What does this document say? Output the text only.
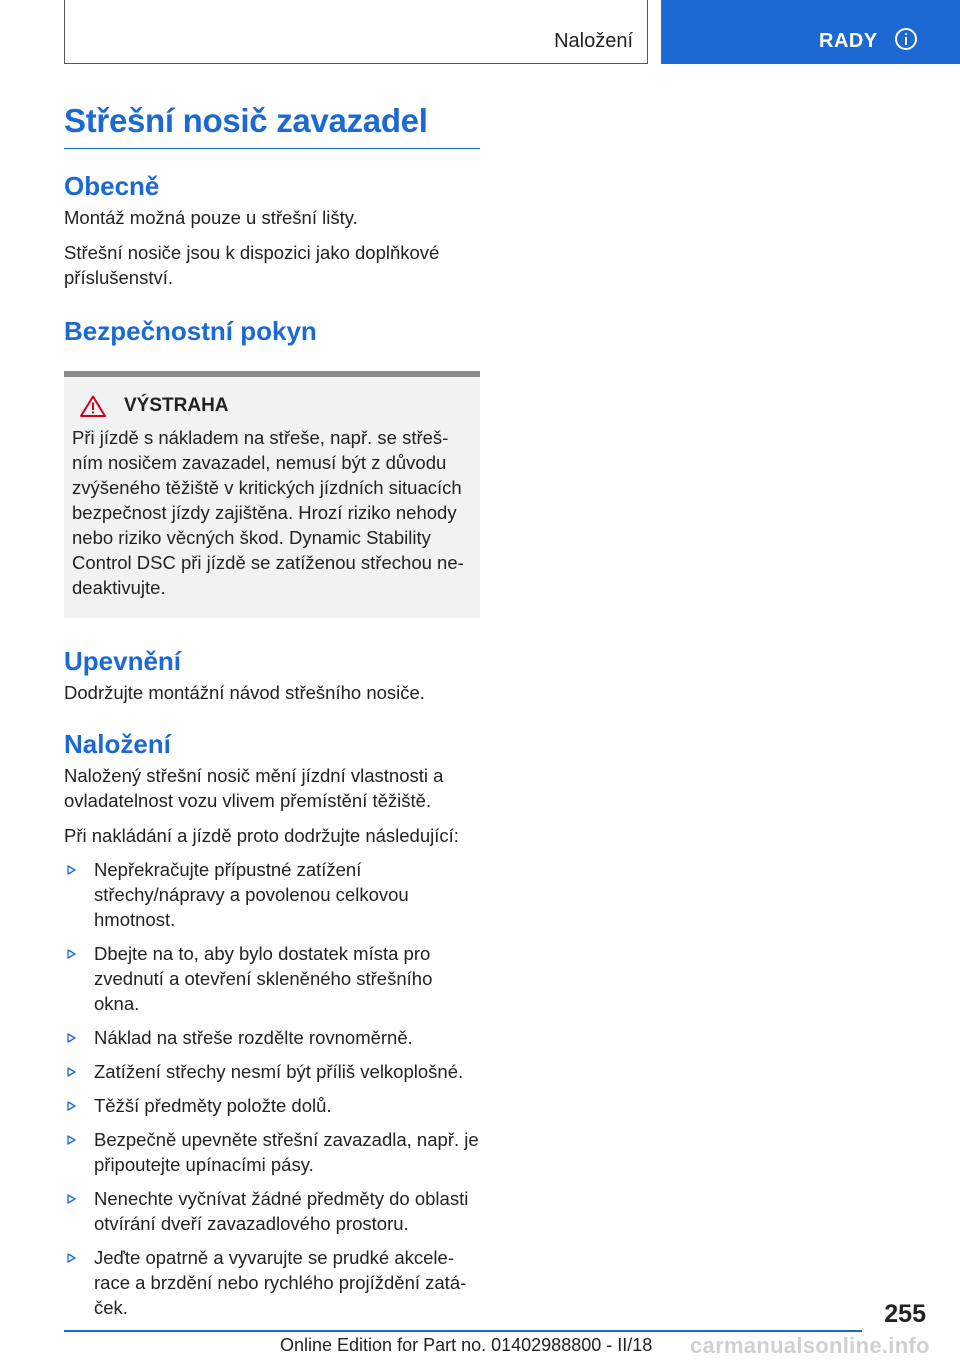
Naložení	RADY
Střešní nosič zavazadel
Obecně

Montáž možná pouze u střešní lišty.

Střešní nosiče jsou k dispozici jako doplňkové příslušenství.

Bezpečnostní pokyn
VÝSTRAHA
Při jízdě s nákladem na střeše, např. se střešním nosičem zavazadel, nemusí být z důvodu zvýšeného těžiště v kritických jízdních situacích bezpečnost jízdy zajištěna. Hrozí riziko nehody nebo riziko věcných škod. Dynamic Stability Control DSC při jízdě se zatíženou střechou nedeaktivujte.
Upevnění

Dodržujte montážní návod střešního nosiče.

Naložení

Naložený střešní nosič mění jízdní vlastnosti a ovladatelnost vozu vlivem přemístění těžiště.

Při nakládání a jízdě proto dodržujte následující:

Nepřekračujte přípustné zatížení střechy/nápravy a povolenou celkovou hmotnost.
Dbejte na to, aby bylo dostatek místa pro zvednutí a otevření skleněného střešního okna.
Náklad na střeše rozdělte rovnoměrně.
Zatížení střechy nesmí být příliš velkoplošné.
Těžší předměty položte dolů.
Bezpečně upevněte střešní zavazadla, např. je připoutejte upínacími pásy.
Nenechte vyčnívat žádné předměty do oblasti otvírání dveří zavazadlového prostoru.
Jeďte opatrně a vyvarujte se prudké akcelerace a brzdění nebo rychlého projíždění zatáček.	255
Online Edition for Part no. 01402988800 - II/18 carmanualsonline.info
